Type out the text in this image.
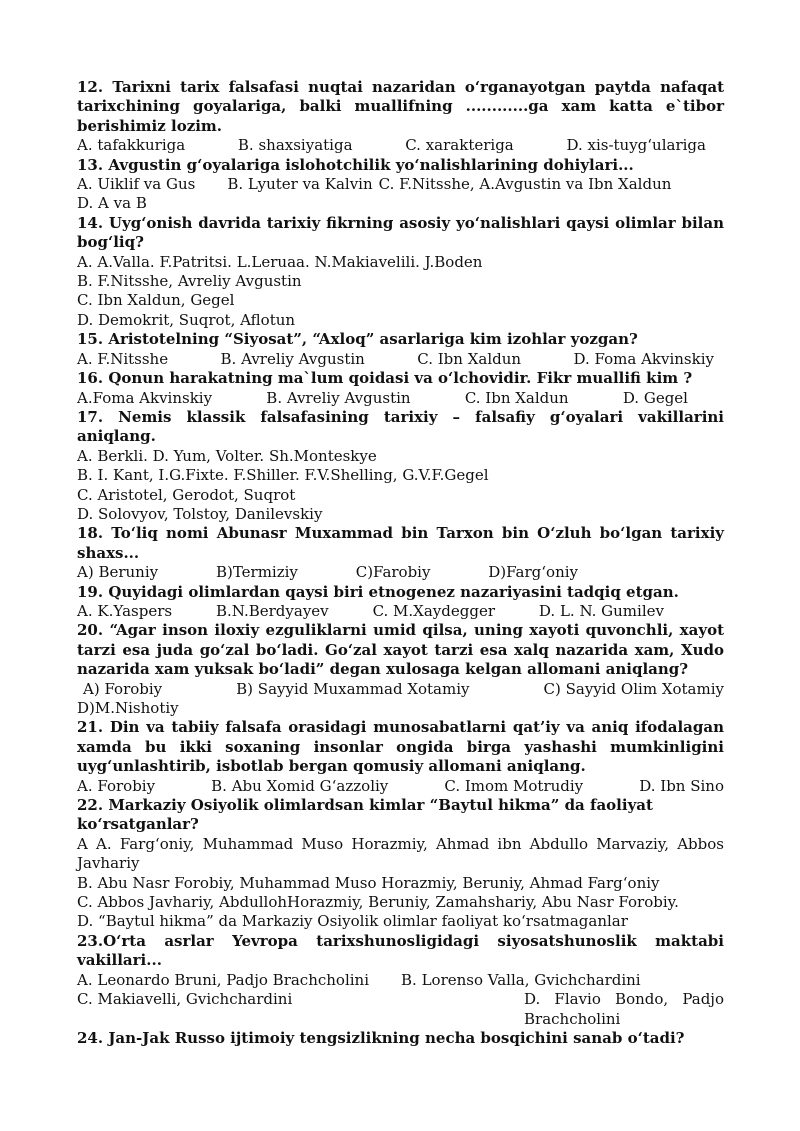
12. Tarixni tarix falsafasi nuqtai nazaridan o‘rganayotgan paytda nafaqat tarixchining goyalariga, balki muallifning ............ga xam katta e`tibor berishimiz lozim.
A. tafakkuriga	B. shaxsiyatiga	C. xarakteriga	D. xis-tuyg‘ulariga
13. Avgustin g‘oyalariga islohotchilik yo‘nalishlarining dohiylari...
A. Uiklif va Gus B. Lyuter va Kalvin C. F.Nitsshe, A.Avgustin va Ibn Xaldun
D. A va B
14. Uyg‘onish davrida tarixiy fikrning asosiy yo‘nalishlari qaysi olimlar bilan bog‘liq?
A. A.Valla. F.Patritsi. L.Leruaa. N.Makiavelili. J.Boden
B. F.Nitsshe, Avreliy Avgustin
C. Ibn Xaldun, Gegel
D. Demokrit, Suqrot, Aflotun
15. Aristotelning “Siyosat”, “Axloq” asarlariga kim izohlar yozgan?
A. F.Nitsshe	B. Avreliy Avgustin	C. Ibn Xaldun	D. Foma Akvinskiy
16. Qonun harakatning ma`lum qoidasi va o‘lchovidir. Fikr muallifi kim ?
A.Foma Akvinskiy	B. Avreliy Avgustin	C. Ibn Xaldun	D. Gegel
17. Nemis klassik falsafasining tarixiy – falsafiy g‘oyalari vakillarini aniqlang.
A. Berkli. D. Yum, Volter. Sh.Monteskye
B. I. Kant, I.G.Fixte. F.Shiller. F.V.Shelling, G.V.F.Gegel
C. Aristotel, Gerodot, Suqrot
D. Solovyov, Tolstoy, Danilevskiy
18. To‘liq nomi Abunasr Muxammad bin Tarxon bin O‘zluh bo‘lgan tarixiy shaxs...
A) Beruniy	B)Termiziy	C)Farobiy	D)Farg‘oniy
19. Quyidagi olimlardan qaysi biri etnogenez nazariyasini tadqiq etgan.
A. K.Yaspers	B.N.Berdyayev	C. M.Xaydegger	D. L. N. Gumilev
20. “Agar inson iloxiy ezguliklarni umid qilsa, uning xayoti quvonchli, xayot tarzi esa juda go‘zal bo‘ladi. Go‘zal xayot tarzi esa xalq nazarida xam, Xudo nazarida xam yuksak bo‘ladi” degan xulosaga kelgan allomani aniqlang?
A) Forobiy	B) Sayyid Muxammad Xotamiy	C) Sayyid Olim Xotamiy
D)M.Nishotiy
21. Din va tabiiy falsafa orasidagi munosabatlarni qat’iy va aniq ifodalagan xamda bu ikki soxaning insonlar ongida birga yashashi mumkinligini uyg‘unlashtirib, isbotlab bergan qomusiy allomani aniqlang.
A. Forobiy	B. Abu Xomid G‘azzoliy	C. Imom Motrudiy	D. Ibn Sino
22. Markaziy Osiyolik olimlardsan kimlar “Baytul hikma” da faoliyat
ko‘rsatganlar?
A A. Farg‘oniy, Muhammad Muso Horazmiy, Ahmad ibn Abdullo Marvaziy, Abbos Javhariy
B. Abu Nasr Forobiy, Muhammad Muso Horazmiy, Beruniy, Ahmad Farg‘oniy
C. Abbos Javhariy, AbdullohHorazmiy, Beruniy, Zamahshariy, Abu Nasr Forobiy.
D. “Baytul hikma” da Markaziy Osiyolik olimlar faoliyat ko‘rsatmaganlar
23.O‘rta asrlar Yevropa tarixshunosligidagi siyosatshunoslik maktabi vakillari...
A. Leonardo Bruni, Padjo Brachcholini B. Lorenso Valla, Gvichchardini
C. Makiavelli, Gvichchardini	D. Flavio Bondo, Padjo Brachcholini
24. Jan-Jak Russo ijtimoiy tengsizlikning necha bosqichini sanab o‘tadi?
